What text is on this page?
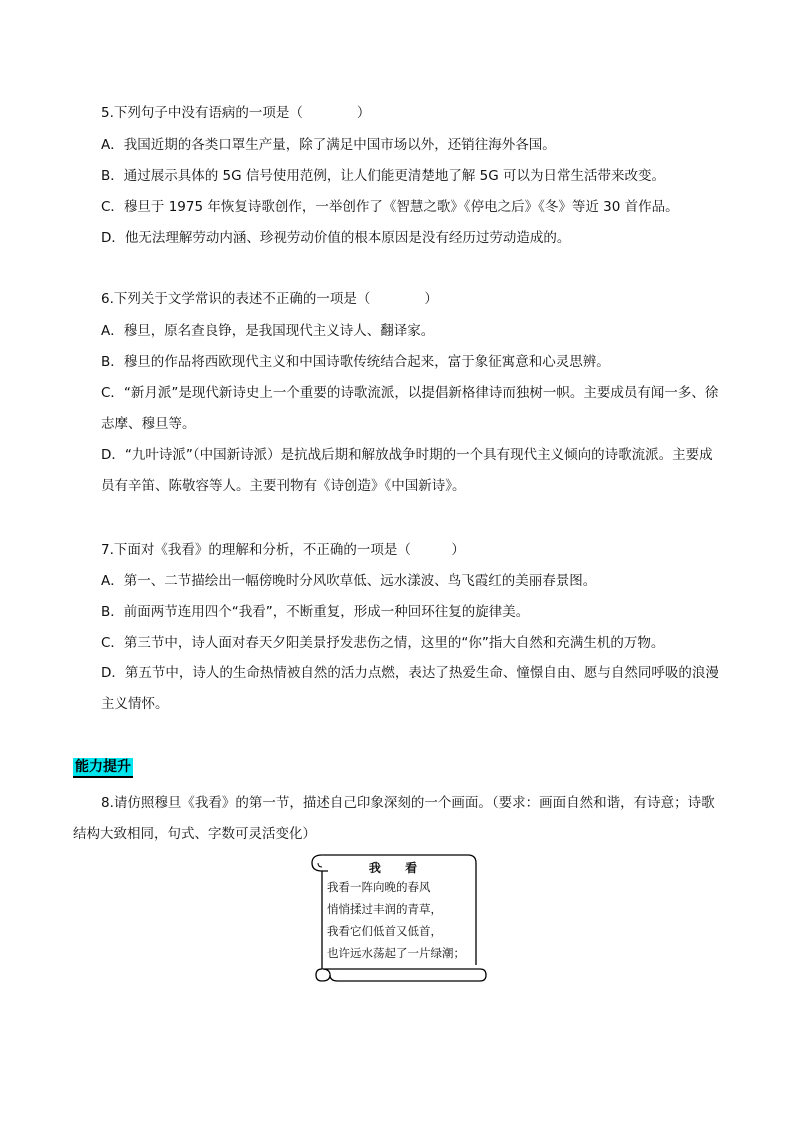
5.下列句子中没有语病的一项是（　　　　）
A．我国近期的各类口罩生产量，除了满足中国市场以外，还销往海外各国。
B．通过展示具体的 5G 信号使用范例，让人们能更清楚地了解 5G 可以为日常生活带来改变。
C．穆旦于 1975 年恢复诗歌创作，一举创作了《智慧之歌》《停电之后》《冬》等近 30 首作品。
D．他无法理解劳动内涵、珍视劳动价值的根本原因是没有经历过劳动造成的。
6.下列关于文学常识的表述不正确的一项是（　　　　）
A．穆旦，原名查良铮，是我国现代主义诗人、翻译家。
B．穆旦的作品将西欧现代主义和中国诗歌传统结合起来，富于象征寓意和心灵思辨。
C．“新月派”是现代新诗史上一个重要的诗歌流派，以提倡新格律诗而独树一帜。主要成员有闻一多、徐志摩、穆旦等。
D．“九叶诗派”（中国新诗派）是抗战后期和解放战争时期的一个具有现代主义倾向的诗歌流派。主要成员有辛笛、陈敬容等人。主要刊物有《诗创造》《中国新诗》。
7.下面对《我看》的理解和分析，不正确的一项是（　　　）
A．第一、二节描绘出一幅傍晚时分风吹草低、远水漾波、鸟飞霞红的美丽春景图。
B．前面两节连用四个“我看”，不断重复，形成一种回环往复的旋律美。
C．第三节中，诗人面对春天夕阳美景抒发悲伤之情，这里的“你”指大自然和充满生机的万物。
D．第五节中，诗人的生命热情被自然的活力点燃，表达了热爱生命、憧憬自由、愿与自然同呼吸的浪漫主义情怀。
能力提升
8.请仿照穆旦《我看》的第一节，描述自己印象深刻的一个画面。（要求：画面自然和谐，有诗意；诗歌结构大致相同，句式、字数可灵活变化）
我 看
我看一阵向晚的春风
悄悄揉过丰润的青草，
我看它们低首又低首，
也许远水荡起了一片绿潮；
